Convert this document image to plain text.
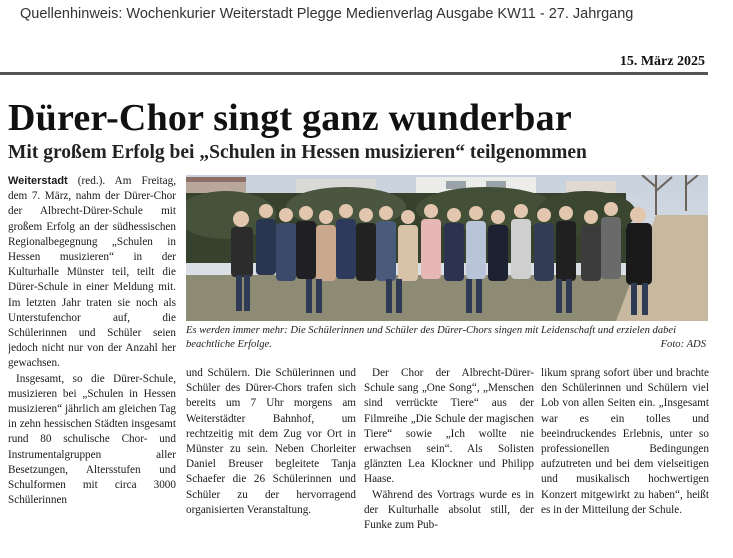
Quellenhinweis: Wochenkurier Weiterstadt Plegge Medienverlag Ausgabe KW11 - 27. Jahrgang
15. März 2025
Dürer-Chor singt ganz wunderbar
Mit großem Erfolg bei „Schulen in Hessen musizieren“ teilgenommen

Weiterstadt (red.). Am Freitag, dem 7. März, nahm der Dürer-Chor der Albrecht-Dürer-Schule mit großem Erfolg an der südhessischen Regionalbegegnung „Schulen in Hessen musizieren“ in der Kulturhalle Münster teil, teilt die Dürer-Schule in einer Meldung mit. Im letzten Jahr traten sie noch als Unterstufenchor auf, die Schülerinnen und Schüler seien jedoch nicht nur von der Anzahl her gewachsen.

Insgesamt, so die Dürer-Schule, musizieren bei „Schulen in Hessen musizieren“ jährlich am gleichen Tag in zehn hessischen Städten insgesamt rund 80 schulische Chor- und Instrumentalgruppen aller Besetzungen, Altersstufen und Schulformen mit circa 3000 Schülerinnen

Es werden immer mehr: Die Schülerinnen und Schüler des Dürer-Chors singen mit Leidenschaft und erzielen dabei beachtliche Erfolge.	Foto: ADS

und Schülern. Die Schülerinnen und Schüler des Dürer-Chors trafen sich bereits um 7 Uhr morgens am Weiterstädter Bahnhof, um rechtzeitig mit dem Zug vor Ort in Münster zu sein. Neben Chorleiter Daniel Breuser begleitete Tanja Schaefer die 26 Schülerinnen und Schüler zu der hervorragend organisierten Veranstaltung.

Der Chor der Albrecht-Dürer-Schule sang „One Song“, „Menschen sind verrückte Tiere“ aus der Filmreihe „Die Schule der magischen Tiere“ sowie „Ich wollte nie erwachsen sein“. Als Solisten glänzten Lea Klockner und Philipp Haase.

Während des Vortrags wurde es in der Kulturhalle absolut still, der Funke zum Pub-

likum sprang sofort über und brachte den Schülerinnen und Schülern viel Lob von allen Seiten ein. „Insgesamt war es ein tolles und beeindruckendes Erlebnis, unter so professionellen Bedingungen aufzutreten und bei dem vielseitigen und musikalisch hochwertigen Konzert mitgewirkt zu haben“, heißt es in der Mitteilung der Schule.
